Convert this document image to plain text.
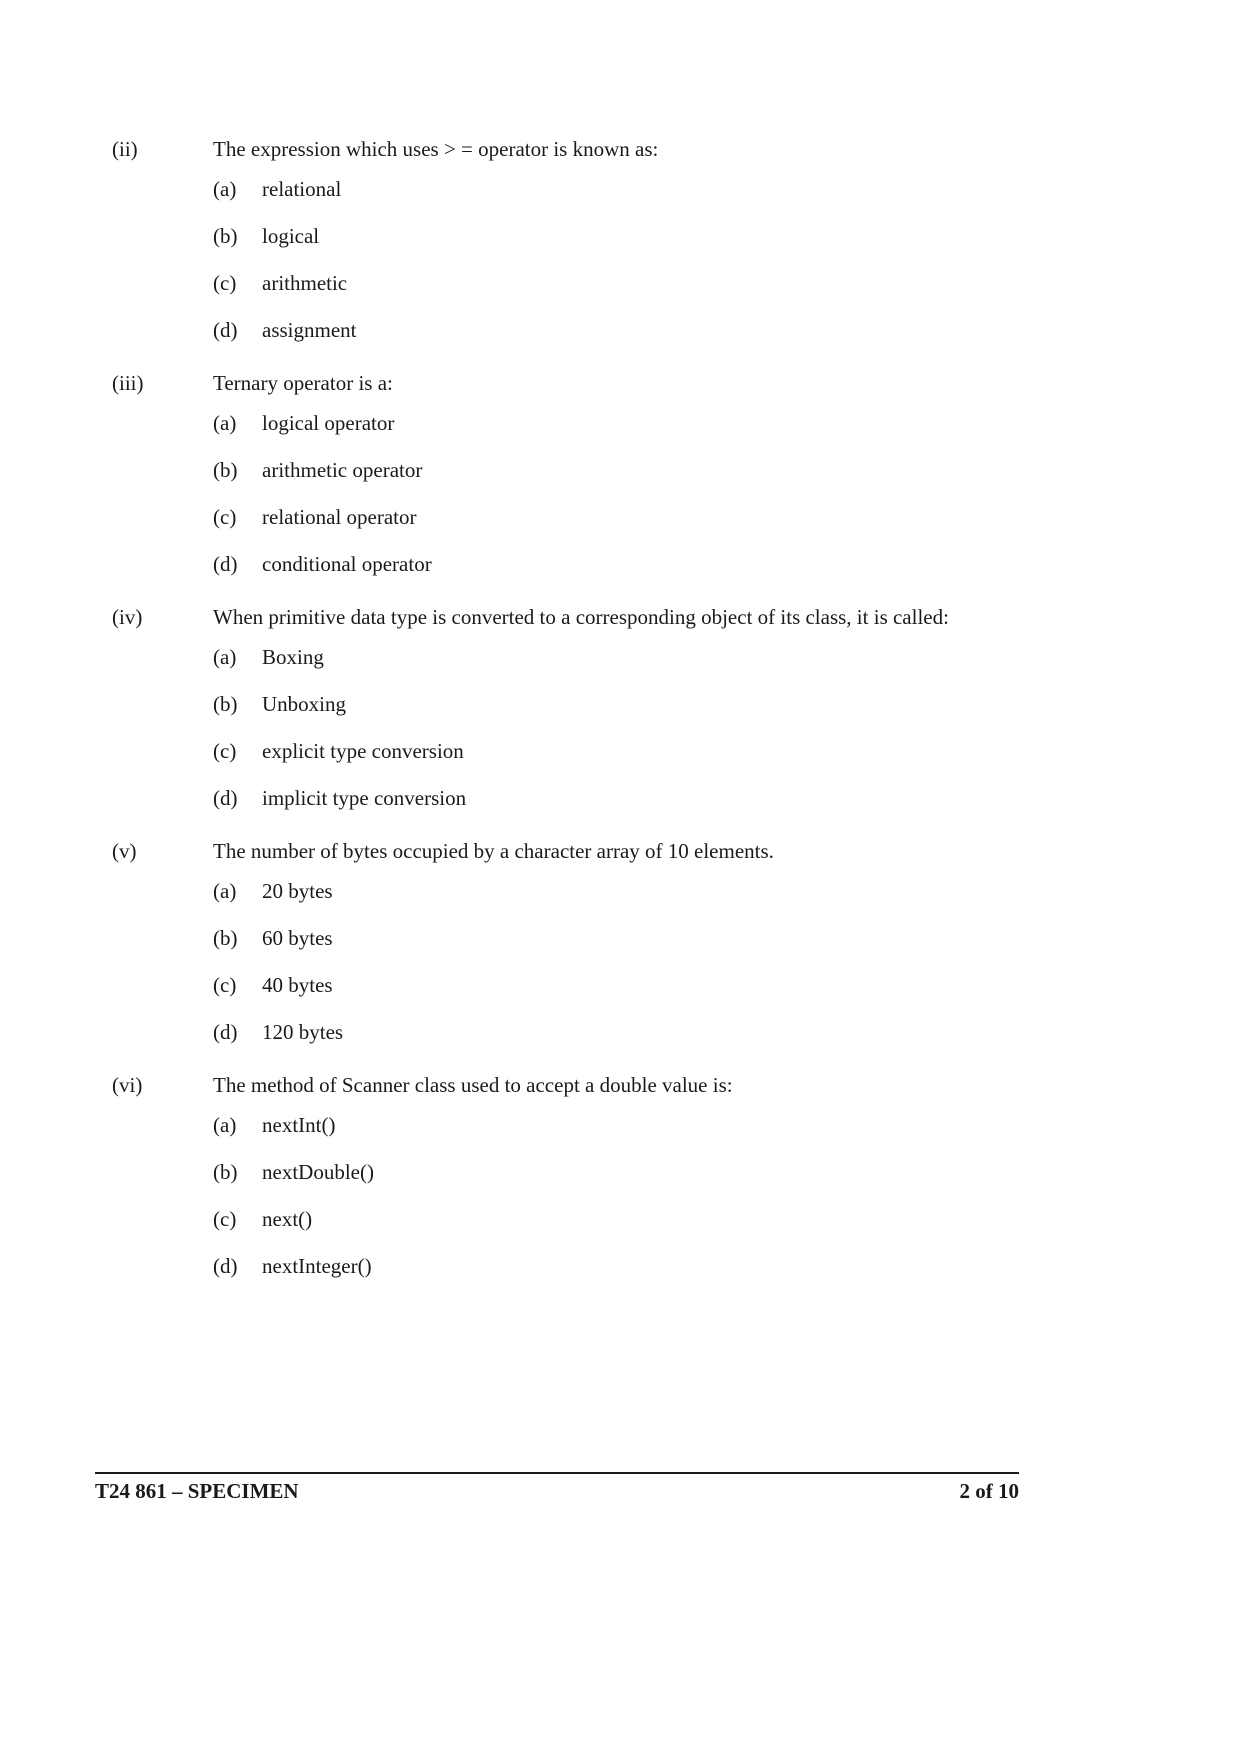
(ii)	The expression which uses > = operator is known as:
(a)	relational
(b)	logical
(c)	arithmetic
(d)	assignment
(iii)	Ternary operator is a:
(a)	logical operator
(b)	arithmetic operator
(c)	relational operator
(d)	conditional operator
(iv)	When primitive data type is converted to a corresponding object of its class, it is called:
(a)	Boxing
(b)	Unboxing
(c)	explicit type conversion
(d)	implicit type conversion
(v)	The number of bytes occupied by a character array of 10 elements.
(a)	20 bytes
(b)	60 bytes
(c)	40 bytes
(d)	120 bytes
(vi)	The method of Scanner class used to accept a double value is:
(a)	nextInt()
(b)	nextDouble()
(c)	next()
(d)	nextInteger()
T24 861 – SPECIMEN	2 of 10
